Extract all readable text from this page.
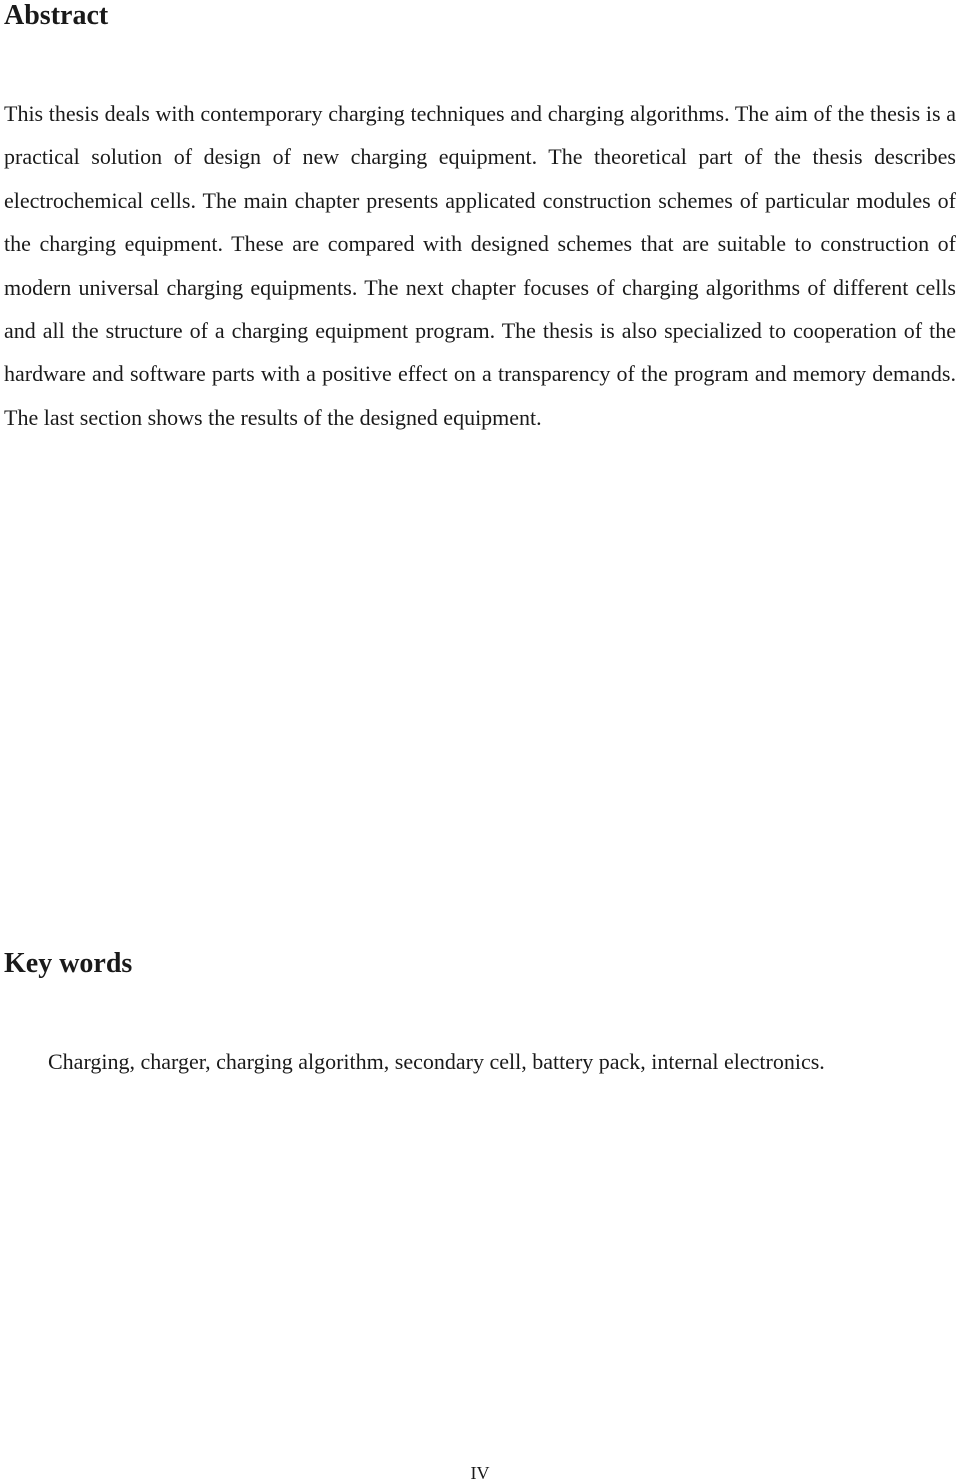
Abstract

This thesis deals with contemporary charging techniques and charging algorithms. The aim of the thesis is a practical solution of design of new charging equipment. The theoretical part of the thesis describes electrochemical cells. The main chapter presents applicated construction schemes of particular modules of the charging equipment. These are compared with designed schemes that are suitable to construction of modern universal charging equipments. The next chapter focuses of charging algorithms of different cells and all the structure of a charging equipment program. The thesis is also specialized to cooperation of the hardware and software parts with a positive effect on a transparency of the program and memory demands. The last section shows the results of the designed equipment.

Key words

Charging, charger, charging algorithm, secondary cell, battery pack, internal electronics.

IV
